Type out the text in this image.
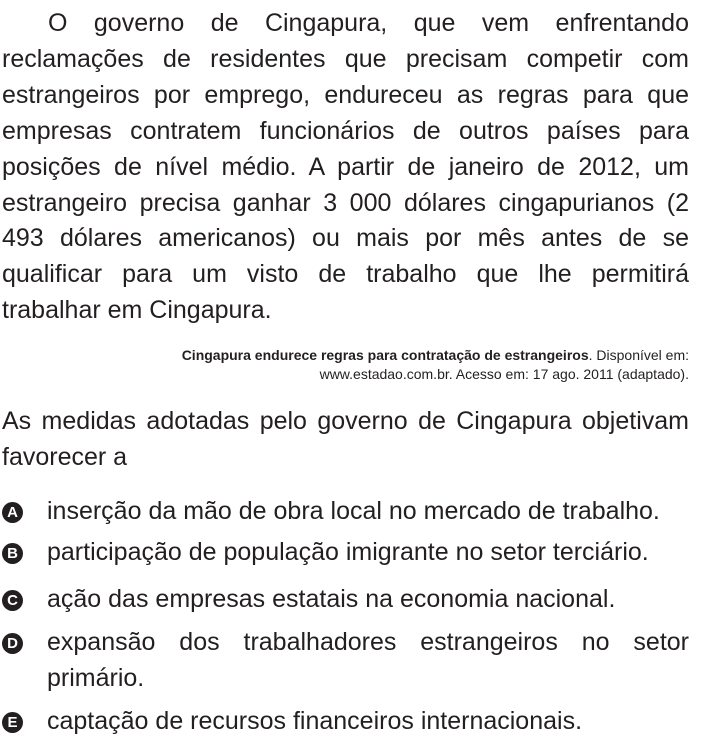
O governo de Cingapura, que vem enfrentando reclamações de residentes que precisam competir com estrangeiros por emprego, endureceu as regras para que empresas contratem funcionários de outros países para posições de nível médio. A partir de janeiro de 2012, um estrangeiro precisa ganhar 3 000 dólares cingapurianos (2 493 dólares americanos) ou mais por mês antes de se qualificar para um visto de trabalho que lhe permitirá trabalhar em Cingapura.

Cingapura endurece regras para contratação de estrangeiros. Disponível em:
www.estadao.com.br. Acesso em: 17 ago. 2011 (adaptado).

As medidas adotadas pelo governo de Cingapura objetivam favorecer a

A inserção da mão de obra local no mercado de trabalho.
B participação de população imigrante no setor terciário.
C ação das empresas estatais na economia nacional.
D expansão dos trabalhadores estrangeiros no setor primário.
E captação de recursos financeiros internacionais.
